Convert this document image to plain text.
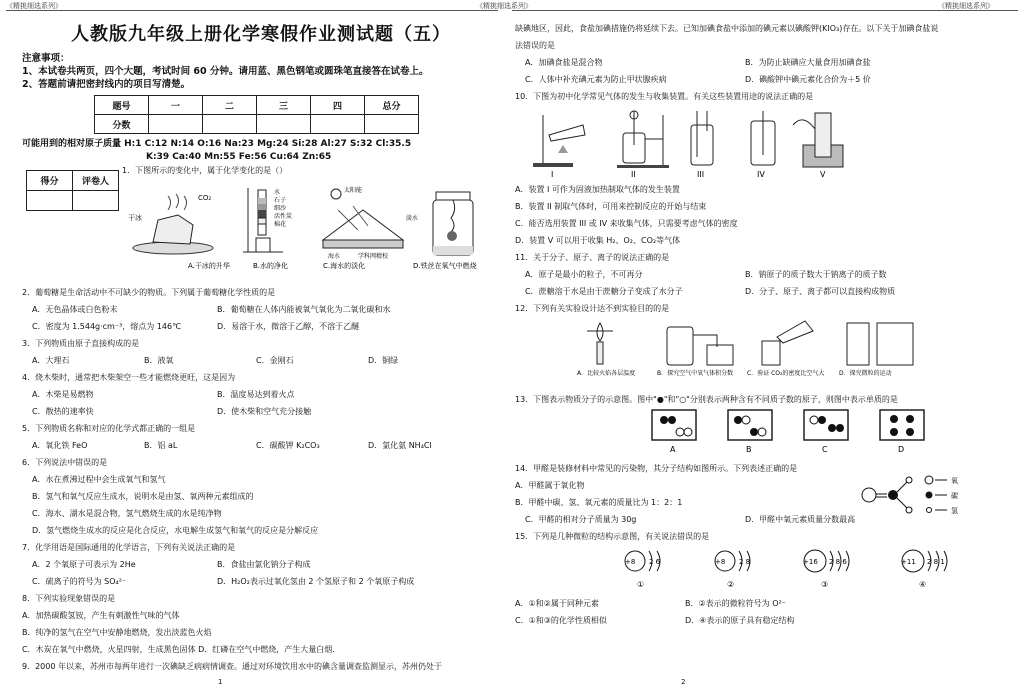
《精挑细选系列》	《精挑细选系列》	《精挑细选系列》
人教版九年级上册化学寒假作业测试题（五）
注意事项：
1、本试卷共两页，四个大题，考试时间 60 分钟。请用蓝、黑色钢笔或圆珠笔直接答在试卷上。
2、答题前请把密封线内的项目写清楚。
题号	一	二	三	四	总分
分数					
可能用到的相对原子质量 H:1 C:12 N:14 O:16 Na:23 Mg:24 Si:28 Al:27 S:32 Cl:35.5
K:39 Ca:40 Mn:55 Fe:56 Cu:64 Zn:65
得分	评卷人

1．下图所示的变化中，属于化学变化的是（）
干冰
CO₂
水
石子
细沙
活性炭
棉花
太阳能
淡水
海水	学科网精校
A.干冰的升华	B.水的净化	C.海水的淡化	D.铁丝在氧气中燃烧
2．葡萄糖是生命活动中不可缺少的物质。下列属于葡萄糖化学性质的是
A．无色晶体或白色粉末	B．葡萄糖在人体内能被氧气氧化为二氧化碳和水
C．密度为 1.544g·cm⁻³，熔点为 146℃	D．易溶于水，微溶于乙醇，不溶于乙醚
3．下列物质由原子直接构成的是
A．大理石	B．液氧	C．金刚石	D．铜绿
4．烧木柴时，通常把木柴架空一些才能燃烧更旺，这是因为
A．木柴是易燃物	B．温度易达到着火点
C．散热的速率快	D．使木柴和空气充分接触
5．下列物质名称和对应的化学式都正确的一组是
A．氧化铁 FeO	B．铝 aL	C．碳酸钾 K₂CO₃	D．氯化氨 NH₄Cl
6．下列说法中错误的是
A．水在煮沸过程中会生成氧气和氢气
B．氢气和氧气反应生成水，说明水是由氢、氧两种元素组成的
C．海水、湖水是混合物，氢气燃烧生成的水是纯净物
D．氢气燃烧生成水的反应是化合反应，水电解生成氢气和氧气的反应是分解反应
7．化学用语是国际通用的化学语言，下列有关说法正确的是
A．2 个氧原子可表示为 2He	B．食盐由氯化钠分子构成
C．硫离子的符号为 SO₄²⁻	D．H₂O₂表示过氧化氢由 2 个氢原子和 2 个氧原子构成
8．下列实验现象错误的是
A．加热碳酸氢铵，产生有刺激性气味的气体
B．纯净的氢气在空气中安静地燃烧，发出淡蓝色火焰
C．木炭在氧气中燃烧，火星四射，生成黑色固体 D．红磷在空气中燃烧，产生大量白烟．
9．2000 年以来，苏州市每两年进行一次碘缺乏病病情调查。通过对环境饮用水中的碘含量调查监测显示，苏州仍处于
缺碘地区，因此，食盐加碘措施仍将延续下去。已知加碘食盐中添加的碘元素以碘酸钾(KIO₃)存在。以下关于加碘食盐说
法错误的是
A．加碘食盐是混合物	B．为防止缺碘应大量食用加碘食盐
C．人体中补充碘元素为防止甲状腺疾病	D．碘酸钾中碘元素化合价为＋5 价
10．下图为初中化学常见气体的发生与收集装置。有关这些装置用途的说法正确的是
I	II	III	IV	V
A．装置 I 可作为固液加热制取气体的发生装置
B．装置 II 制取气体时，可用来控制反应的开始与结束
C．能否选用装置 III 或 IV 来收集气体，只需要考虑气体的密度
D．装置 V 可以用于收集 H₂、O₂、CO₂等气体
11．关于分子、原子、离子的说法正确的是
A．原子是最小的粒子，不可再分	B．钠原子的质子数大于钠离子的质子数
C．蔗糖溶于水是由于蔗糖分子变成了水分子	D．分子、原子、离子都可以直接构成物质
12．下列有关实验设计达不到实验目的的是
A．比较火焰各层温度	B．探究空气中氧气体积分数 C．验证 CO₂的密度比空气大 D．探究微粒的运动
13．下图表示物质分子的示意图。图中"●"和"○"分别表示两种含有不同质子数的原子，则图中表示单质的是
A	B	C	D
14．甲醛是装修材料中常见的污染物，其分子结构如图所示。下列表述正确的是
A．甲醛属于氧化物
B．甲醛中碳、氢、氧元素的质量比为 1：2：1
C．甲醛的相对分子质量为 30g	D．甲醛中氧元素质量分数最高
15．下列是几种微粒的结构示意图，有关说法错误的是
氧
碳
氢
+8 2 6
①
+8 2 8
②
+16 2 8 6
③
+11 2 8 1
④
A．①和②属于同种元素	B．②表示的微粒符号为 O²⁻
C．①和③的化学性质相似	D．④表示的原子具有稳定结构
1	2
